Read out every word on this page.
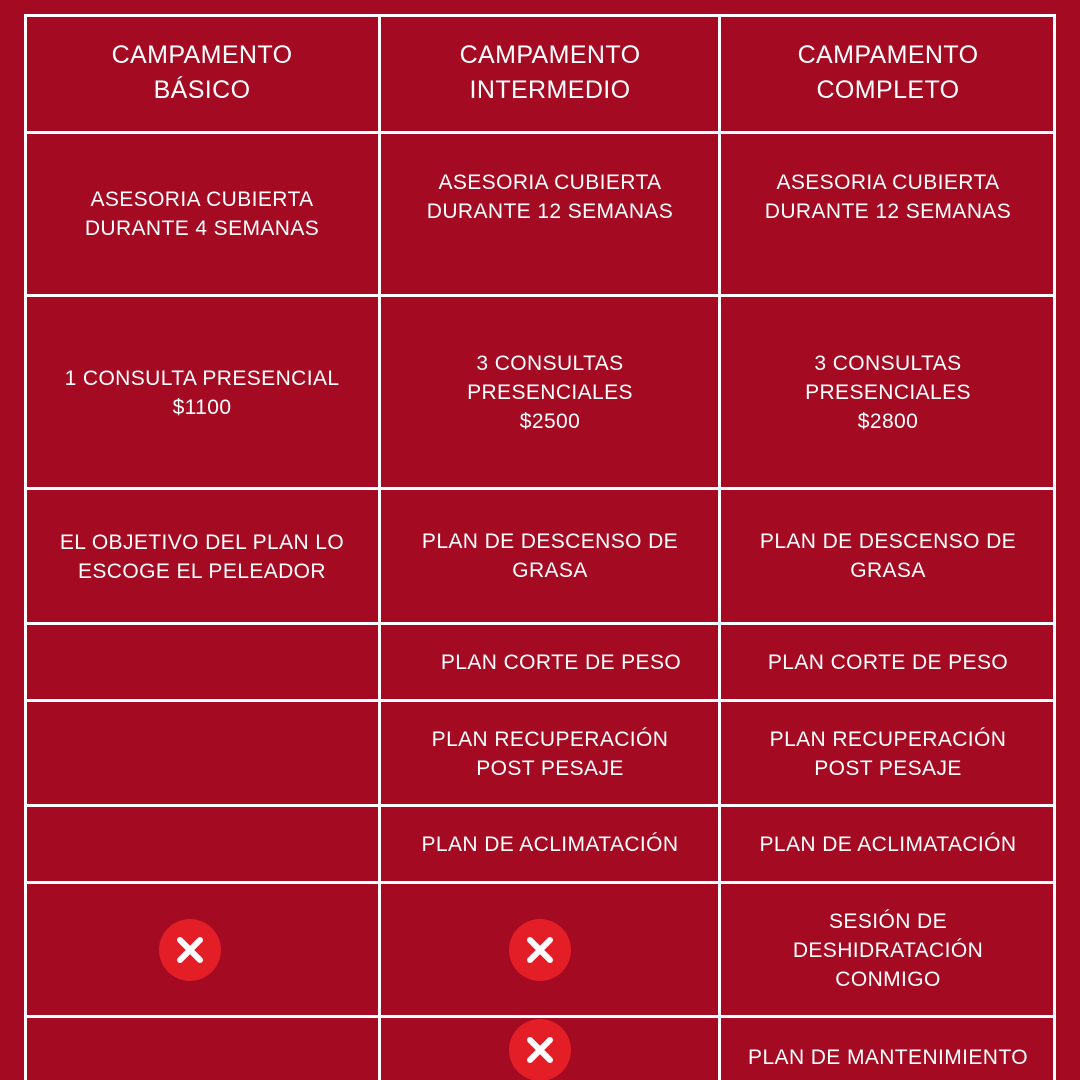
CAMPAMENTO
BÁSICO
CAMPAMENTO
INTERMEDIO
CAMPAMENTO
COMPLETO
ASESORIA CUBIERTA
DURANTE 4 SEMANAS
ASESORIA CUBIERTA
DURANTE 12 SEMANAS
ASESORIA CUBIERTA
DURANTE 12 SEMANAS
1 CONSULTA PRESENCIAL
$1100
3 CONSULTAS
PRESENCIALES
$2500
3 CONSULTAS
PRESENCIALES
$2800
EL OBJETIVO DEL PLAN LO
ESCOGE EL PELEADOR
PLAN DE DESCENSO DE
GRASA
PLAN DE DESCENSO DE
GRASA
PLAN CORTE DE PESO	PLAN CORTE DE PESO
PLAN RECUPERACIÓN
POST PESAJE
PLAN RECUPERACIÓN
POST PESAJE
PLAN DE ACLIMATACIÓN	PLAN DE ACLIMATACIÓN
SESIÓN DE
DESHIDRATACIÓN
CONMIGO
PLAN DE MANTENIMIENTO
